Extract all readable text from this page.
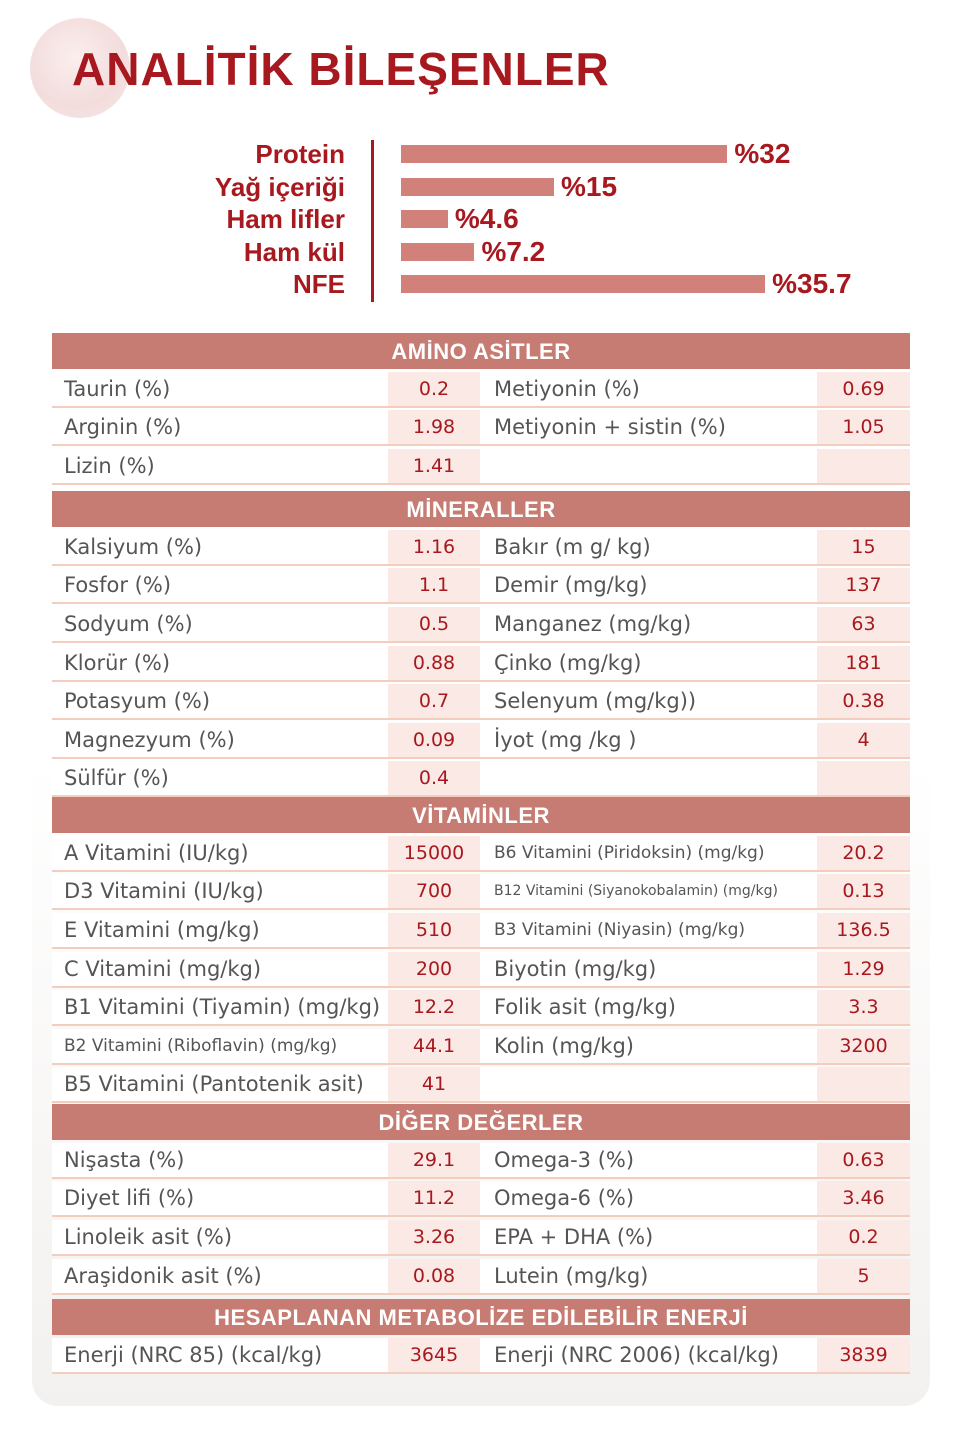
ANALİTİK BİLEŞENLER
Protein	%32
Yağ içeriği	%15
Ham lifler	%4.6
Ham kül	%7.2
NFE	%35.7
AMİNO ASİTLER
Taurin (%)	0.2	Metiyonin (%)	0.69
Arginin (%)	1.98	Metiyonin + sistin (%)	1.05
Lizin (%)	1.41
MİNERALLER
Kalsiyum (%)	1.16	Bakır (m g/ kg)	15
Fosfor (%)	1.1	Demir (mg/kg)	137
Sodyum (%)	0.5	Manganez (mg/kg)	63
Klorür (%)	0.88	Çinko (mg/kg)	181
Potasyum (%)	0.7	Selenyum (mg/kg))	0.38
Magnezyum (%)	0.09	İyot (mg /kg )	4
Sülfür (%)	0.4
VİTAMİNLER
A Vitamini (IU/kg)	15000	B6 Vitamini (Piridoksin) (mg/kg)	20.2
D3 Vitamini (IU/kg)	700	B12 Vitamini (Siyanokobalamin) (mg/kg)	0.13
E Vitamini (mg/kg)	510	B3 Vitamini (Niyasin) (mg/kg)	136.5
C Vitamini (mg/kg)	200	Biyotin (mg/kg)	1.29
B1 Vitamini (Tiyamin) (mg/kg)	12.2	Folik asit (mg/kg)	3.3
B2 Vitamini (Riboflavin) (mg/kg)	44.1	Kolin (mg/kg)	3200
B5 Vitamini (Pantotenik asit)	41
DİĞER DEĞERLER
Nişasta (%)	29.1	Omega-3 (%)	0.63
Diyet lifi (%)	11.2	Omega-6 (%)	3.46
Linoleik asit (%)	3.26	EPA + DHA (%)	0.2
Araşidonik asit (%)	0.08	Lutein (mg/kg)	5
HESAPLANAN METABOLİZE EDİLEBİLİR ENERJİ
Enerji (NRC 85) (kcal/kg)	3645	Enerji (NRC 2006) (kcal/kg)	3839
